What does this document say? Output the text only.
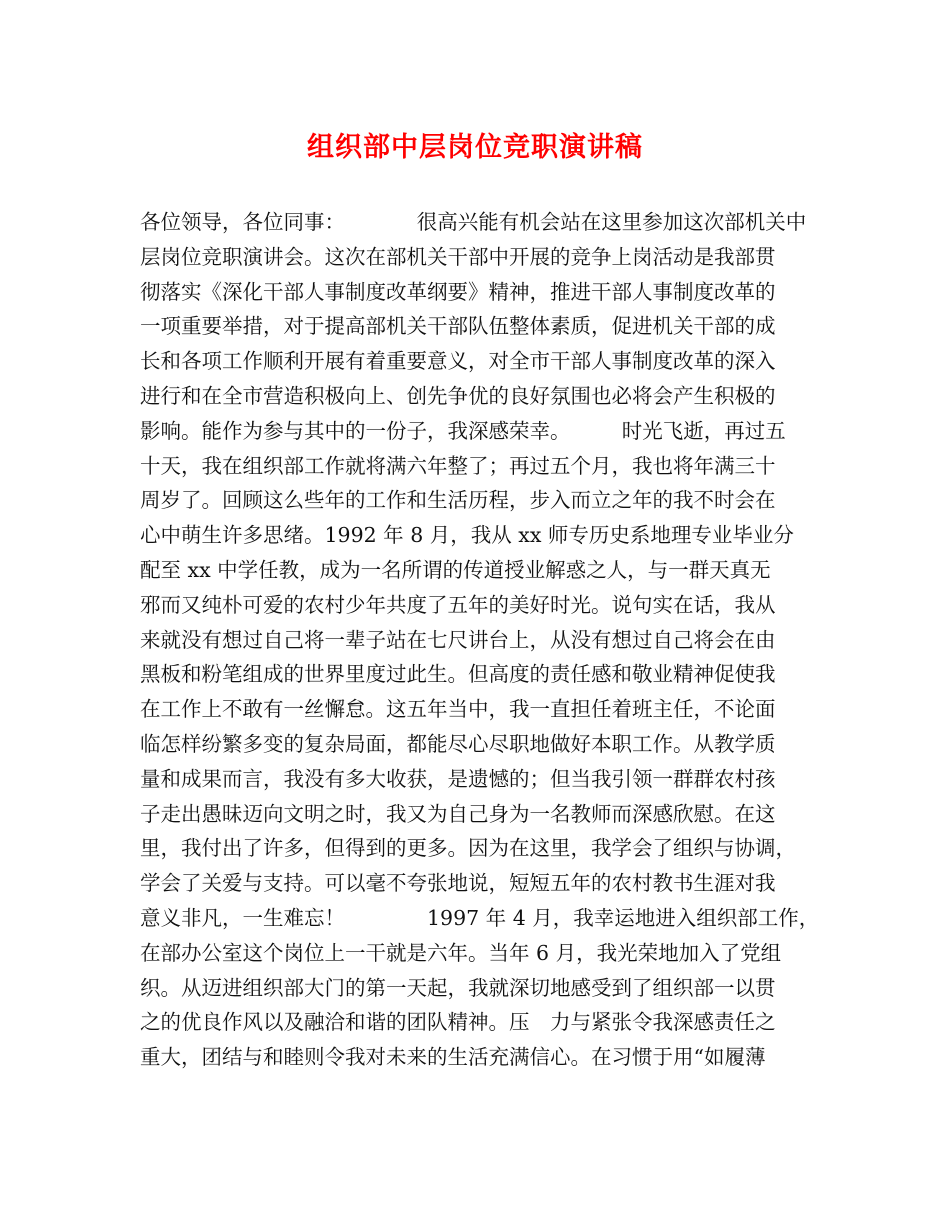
组织部中层岗位竞职演讲稿
各位领导，各位同事：　　　　很高兴能有机会站在这里参加这次部机关中
层岗位竞职演讲会。这次在部机关干部中开展的竞争上岗活动是我部贯
彻落实《深化干部人事制度改革纲要》精神，推进干部人事制度改革的
一项重要举措，对于提高部机关干部队伍整体素质，促进机关干部的成
长和各项工作顺利开展有着重要意义，对全市干部人事制度改革的深入
进行和在全市营造积极向上、创先争优的良好氛围也必将会产生积极的
影响。能作为参与其中的一份子，我深感荣幸。　　　时光飞逝，再过五
十天，我在组织部工作就将满六年整了；再过五个月，我也将年满三十
周岁了。回顾这么些年的工作和生活历程，步入而立之年的我不时会在
心中萌生许多思绪。1992 年 8 月，我从 xx 师专历史系地理专业毕业分
配至 xx 中学任教，成为一名所谓的传道授业解惑之人，与一群天真无
邪而又纯朴可爱的农村少年共度了五年的美好时光。说句实在话，我从
来就没有想过自己将一辈子站在七尺讲台上，从没有想过自己将会在由
黑板和粉笔组成的世界里度过此生。但高度的责任感和敬业精神促使我
在工作上不敢有一丝懈怠。这五年当中，我一直担任着班主任，不论面
临怎样纷繁多变的复杂局面，都能尽心尽职地做好本职工作。从教学质
量和成果而言，我没有多大收获，是遗憾的；但当我引领一群群农村孩
子走出愚昧迈向文明之时，我又为自己身为一名教师而深感欣慰。在这
里，我付出了许多，但得到的更多。因为在这里，我学会了组织与协调，
学会了关爱与支持。可以毫不夸张地说，短短五年的农村教书生涯对我
意义非凡，一生难忘！　　　　1997 年 4 月，我幸运地进入组织部工作，
在部办公室这个岗位上一干就是六年。当年 6 月，我光荣地加入了党组
织。从迈进组织部大门的第一天起，我就深切地感受到了组织部一以贯
之的优良作风以及融洽和谐的团队精神。压　力与紧张令我深感责任之
重大，团结与和睦则令我对未来的生活充满信心。在习惯于用“如履薄
